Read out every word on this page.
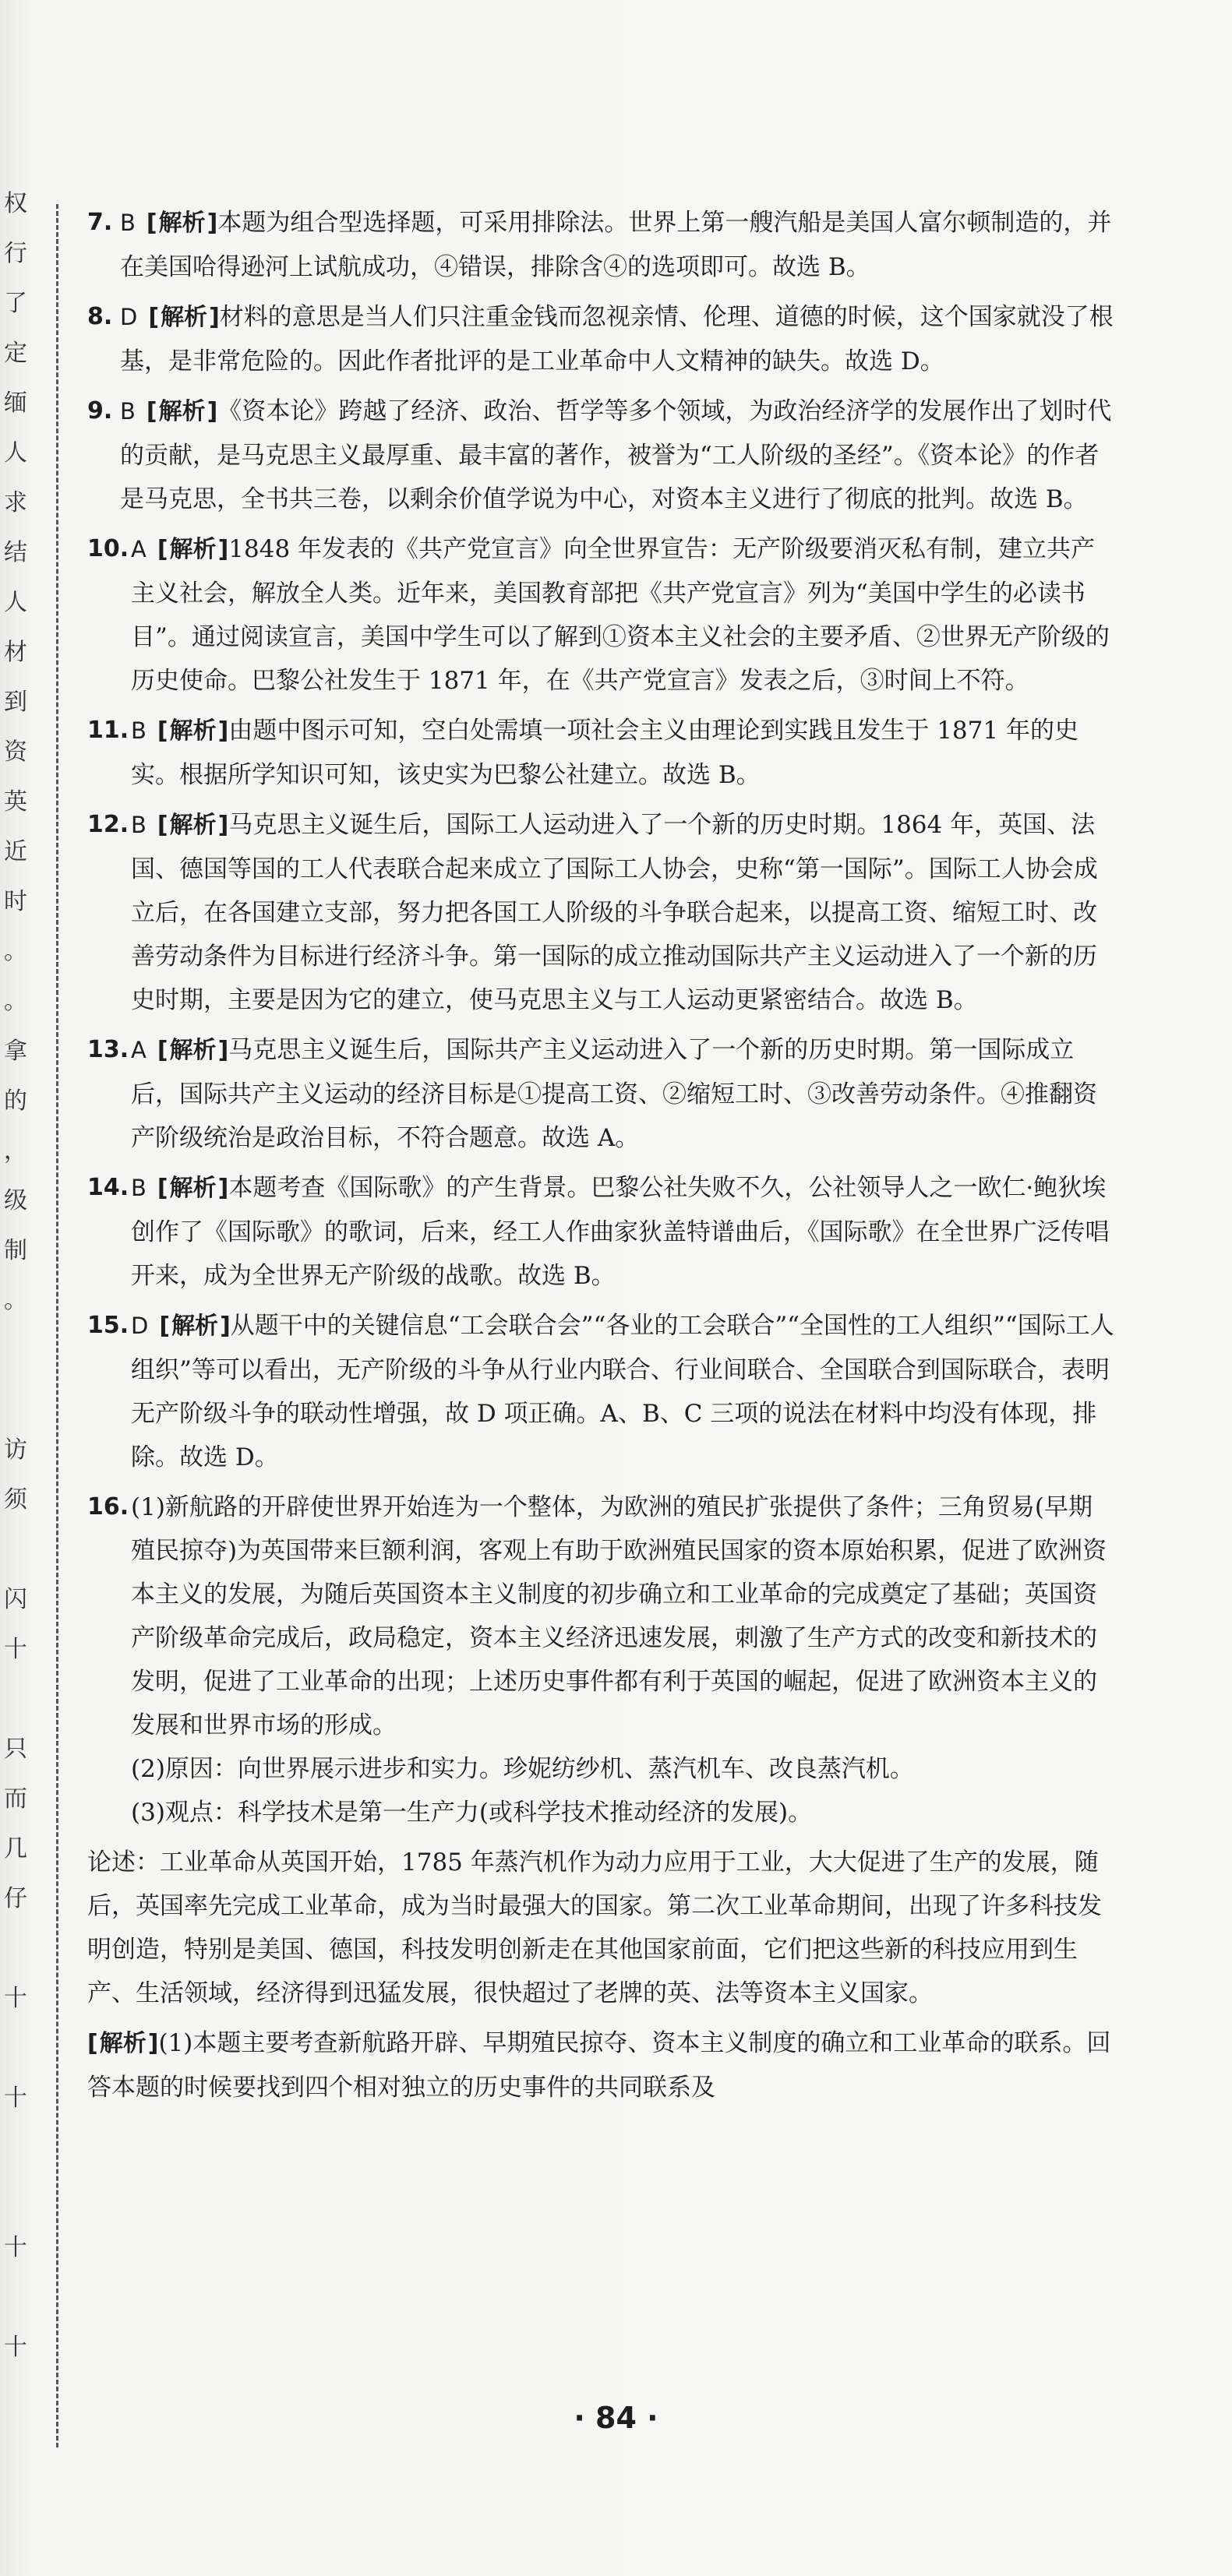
权
行
了
定
缅
人
求
结
人
材
到
资
英
近
时
。
。
拿
的
，
级
制
。
访
须
闪
十
只
而
几
仔
十
十
十
十
7. B [ 解析 ] 本题为组合型选择题，可采用排除法。世界上第一艘汽船是美国人富尔顿制造的，并在美国哈得逊河上试航成功，④错误，排除含④的选项即可。故选 B。
8. D [ 解析 ] 材料的意思是当人们只注重金钱而忽视亲情、伦理、道德的时候，这个国家就没了根基，是非常危险的。因此作者批评的是工业革命中人文精神的缺失。故选 D。
9. B [ 解析 ] 《资本论》跨越了经济、政治、哲学等多个领域，为政治经济学的发展作出了划时代的贡献，是马克思主义最厚重、最丰富的著作，被誉为“工人阶级的圣经”。《资本论》的作者是马克思，全书共三卷，以剩余价值学说为中心，对资本主义进行了彻底的批判。故选 B。
10. A [ 解析 ] 1848 年发表的《共产党宣言》向全世界宣告：无产阶级要消灭私有制，建立共产主义社会，解放全人类。近年来，美国教育部把《共产党宣言》列为“美国中学生的必读书目”。通过阅读宣言，美国中学生可以了解到①资本主义社会的主要矛盾、②世界无产阶级的历史使命。巴黎公社发生于 1871 年，在《共产党宣言》发表之后，③时间上不符。
11. B [ 解析 ] 由题中图示可知，空白处需填一项社会主义由理论到实践且发生于 1871 年的史实。根据所学知识可知，该史实为巴黎公社建立。故选 B。
12. B [ 解析 ] 马克思主义诞生后，国际工人运动进入了一个新的历史时期。1864 年，英国、法国、德国等国的工人代表联合起来成立了国际工人协会，史称“第一国际”。国际工人协会成立后，在各国建立支部，努力把各国工人阶级的斗争联合起来，以提高工资、缩短工时、改善劳动条件为目标进行经济斗争。第一国际的成立推动国际共产主义运动进入了一个新的历史时期，主要是因为它的建立，使马克思主义与工人运动更紧密结合。故选 B。
13. A [ 解析 ] 马克思主义诞生后，国际共产主义运动进入了一个新的历史时期。第一国际成立后，国际共产主义运动的经济目标是①提高工资、②缩短工时、③改善劳动条件。④推翻资产阶级统治是政治目标，不符合题意。故选 A。
14. B [ 解析 ] 本题考查《国际歌》的产生背景。巴黎公社失败不久，公社领导人之一欧仁·鲍狄埃创作了《国际歌》的歌词，后来，经工人作曲家狄盖特谱曲后，《国际歌》在全世界广泛传唱开来，成为全世界无产阶级的战歌。故选 B。
15. D [ 解析 ] 从题干中的关键信息“工会联合会”“各业的工会联合”“全国性的工人组织”“国际工人组织”等可以看出，无产阶级的斗争从行业内联合、行业间联合、全国联合到国际联合，表明无产阶级斗争的联动性增强，故 D 项正确。A、B、C 三项的说法在材料中均没有体现，排除。故选 D。
16. (1)新航路的开辟使世界开始连为一个整体，为欧洲的殖民扩张提供了条件；三角贸易(早期殖民掠夺)为英国带来巨额利润，客观上有助于欧洲殖民国家的资本原始积累，促进了欧洲资本主义的发展，为随后英国资本主义制度的初步确立和工业革命的完成奠定了基础；英国资产阶级革命完成后，政局稳定，资本主义经济迅速发展，刺激了生产方式的改变和新技术的发明，促进了工业革命的出现；上述历史事件都有利于英国的崛起，促进了欧洲资本主义的发展和世界市场的形成。
(2)原因：向世界展示进步和实力。珍妮纺纱机、蒸汽机车、改良蒸汽机。
(3)观点：科学技术是第一生产力(或科学技术推动经济的发展)。
论述：工业革命从英国开始，1785 年蒸汽机作为动力应用于工业，大大促进了生产的发展，随后，英国率先完成工业革命，成为当时最强大的国家。第二次工业革命期间，出现了许多科技发明创造，特别是美国、德国，科技发明创新走在其他国家前面，它们把这些新的科技应用到生产、生活领域，经济得到迅猛发展，很快超过了老牌的英、法等资本主义国家。
[ 解析 ] (1)本题主要考查新航路开辟、早期殖民掠夺、资本主义制度的确立和工业革命的联系。回答本题的时候要找到四个相对独立的历史事件的共同联系及
· 84 ·
